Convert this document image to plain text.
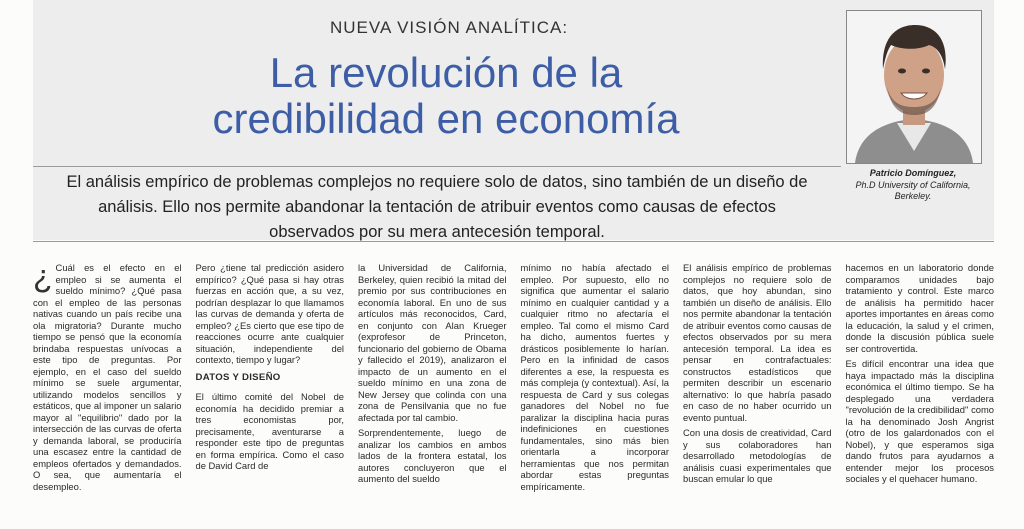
NUEVA VISIÓN ANALÍTICA:
La revolución de la
credibilidad en economía
El análisis empírico de problemas complejos no requiere solo de datos, sino también de un diseño de
análisis. Ello nos permite abandonar la tentación de atribuir eventos como causas de efectos
observados por su mera antecesión temporal.
Patricio Domínguez,
Ph.D University of California,
Berkeley.
¿ Cuál es el efecto en el empleo si se aumenta el sueldo mínimo? ¿Qué pasa con el empleo de las personas nativas cuando un país recibe una ola migratoria? Durante mucho tiempo se pensó que la economía brindaba respuestas unívocas a este tipo de preguntas. Por ejemplo, en el caso del sueldo mínimo se suele argumentar, utilizando modelos sencillos y estáticos, que al imponer un salario mayor al "equilibrio" dado por la intersección de las curvas de oferta y demanda laboral, se produciría una escasez entre la cantidad de empleos ofertados y demandados. O sea, que aumentaría el desempleo.

Pero ¿tiene tal predicción asidero empírico? ¿Qué pasa si hay otras fuerzas en acción que, a su vez, podrían desplazar lo que llamamos las curvas de demanda y oferta de empleo? ¿Es cierto que ese tipo de reacciones ocurre ante cualquier situación, independiente del contexto, tiempo y lugar?

DATOS Y DISEÑO

El último comité del Nobel de economía ha decidido premiar a tres economistas por, precisamente, aventurarse a responder este tipo de preguntas en forma empírica. Como el caso de David Card de

la Universidad de California, Berkeley, quien recibió la mitad del premio por sus contribuciones en economía laboral. En uno de sus artículos más reconocidos, Card, en conjunto con Alan Krueger (exprofesor de Princeton, funcionario del gobierno de Obama y fallecido el 2019), analizaron el impacto de un aumento en el sueldo mínimo en una zona de New Jersey que colinda con una zona de Pensilvania que no fue afectada por tal cambio.

Sorprendentemente, luego de analizar los cambios en ambos lados de la frontera estatal, los autores concluyeron que el aumento del sueldo

mínimo no había afectado el empleo. Por supuesto, ello no significa que aumentar el salario mínimo en cualquier cantidad y a cualquier ritmo no afectaría el empleo. Tal como el mismo Card ha dicho, aumentos fuertes y drásticos posiblemente lo harían. Pero en la infinidad de casos diferentes a ese, la respuesta es más compleja (y contextual). Así, la respuesta de Card y sus colegas ganadores del Nobel no fue paralizar la disciplina hacia puras indefiniciones en cuestiones fundamentales, sino más bien orientarla a incorporar herramientas que nos permitan abordar estas preguntas empíricamente.

El análisis empírico de problemas complejos no requiere solo de datos, que hoy abundan, sino también un diseño de análisis. Ello nos permite abandonar la tentación de atribuir eventos como causas de efectos observados por su mera antecesión temporal. La idea es pensar en contrafactuales: constructos estadísticos que permiten describir un escenario alternativo: lo que habría pasado en caso de no haber ocurrido un evento puntual.

Con una dosis de creatividad, Card y sus colaboradores han desarrollado metodologías de análisis cuasi experimentales que buscan emular lo que

hacemos en un laboratorio donde comparamos unidades bajo tratamiento y control. Este marco de análisis ha permitido hacer aportes importantes en áreas como la educación, la salud y el crimen, donde la discusión pública suele ser controvertida.

Es difícil encontrar una idea que haya impactado más la disciplina económica el último tiempo. Se ha desplegado una verdadera "revolución de la credibilidad" como la ha denominado Josh Angrist (otro de los galardonados con el Nobel), y que esperamos siga dando frutos para ayudarnos a entender mejor los procesos sociales y el quehacer humano.
